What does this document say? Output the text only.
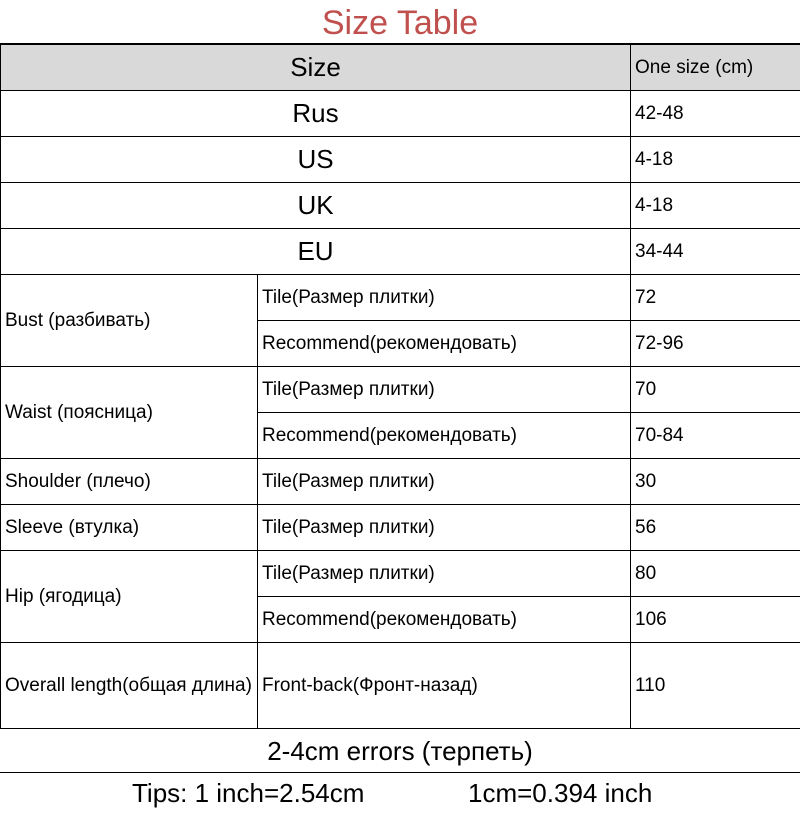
Size Table
Size		One size (cm)
Rus		42-48
US		4-18
UK		4-18
EU		34-44
Bust (разбивать)	Tile(Размер плитки)	72
	Recommend(рекомендовать)	72-96
Waist (поясница)	Tile(Размер плитки)	70
	Recommend(рекомендовать)	70-84
Shoulder (плечо)	Tile(Размер плитки)	30
Sleeve (втулка)	Tile(Размер плитки)	56
Hip (ягодица)	Tile(Размер плитки)	80
	Recommend(рекомендовать)	106
Overall length(общая длина)	Front-back(Фронт-назад)	110
2-4cm errors (терпеть)
Tips: 1 inch=2.54cm	1cm=0.394 inch
